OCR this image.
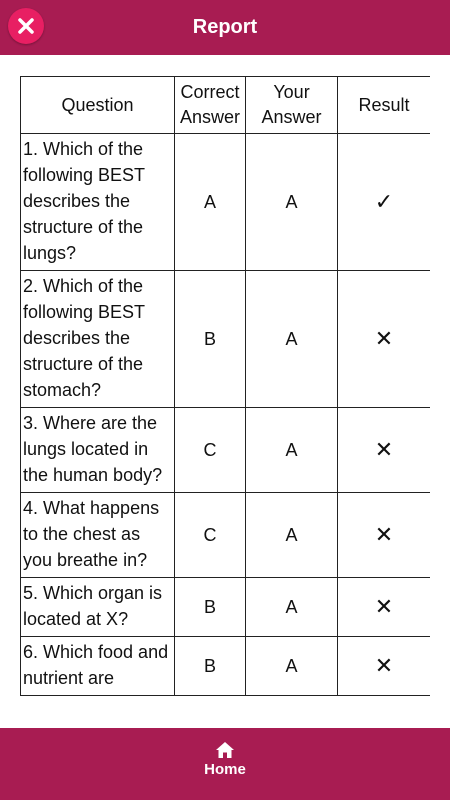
Report
Question	Correct Answer	Your Answer	Result
1. Which of the following BEST describes the structure of the lungs?	A	A	✓
2. Which of the following BEST describes the structure of the stomach?	B	A	✕
3. Where are the lungs located in the human body?	C	A	✕
4. What happens to the chest as you breathe in?	C	A	✕
5. Which organ is located at X?	B	A	✕
6. Which food and nutrient are	B	A	✕
Home
